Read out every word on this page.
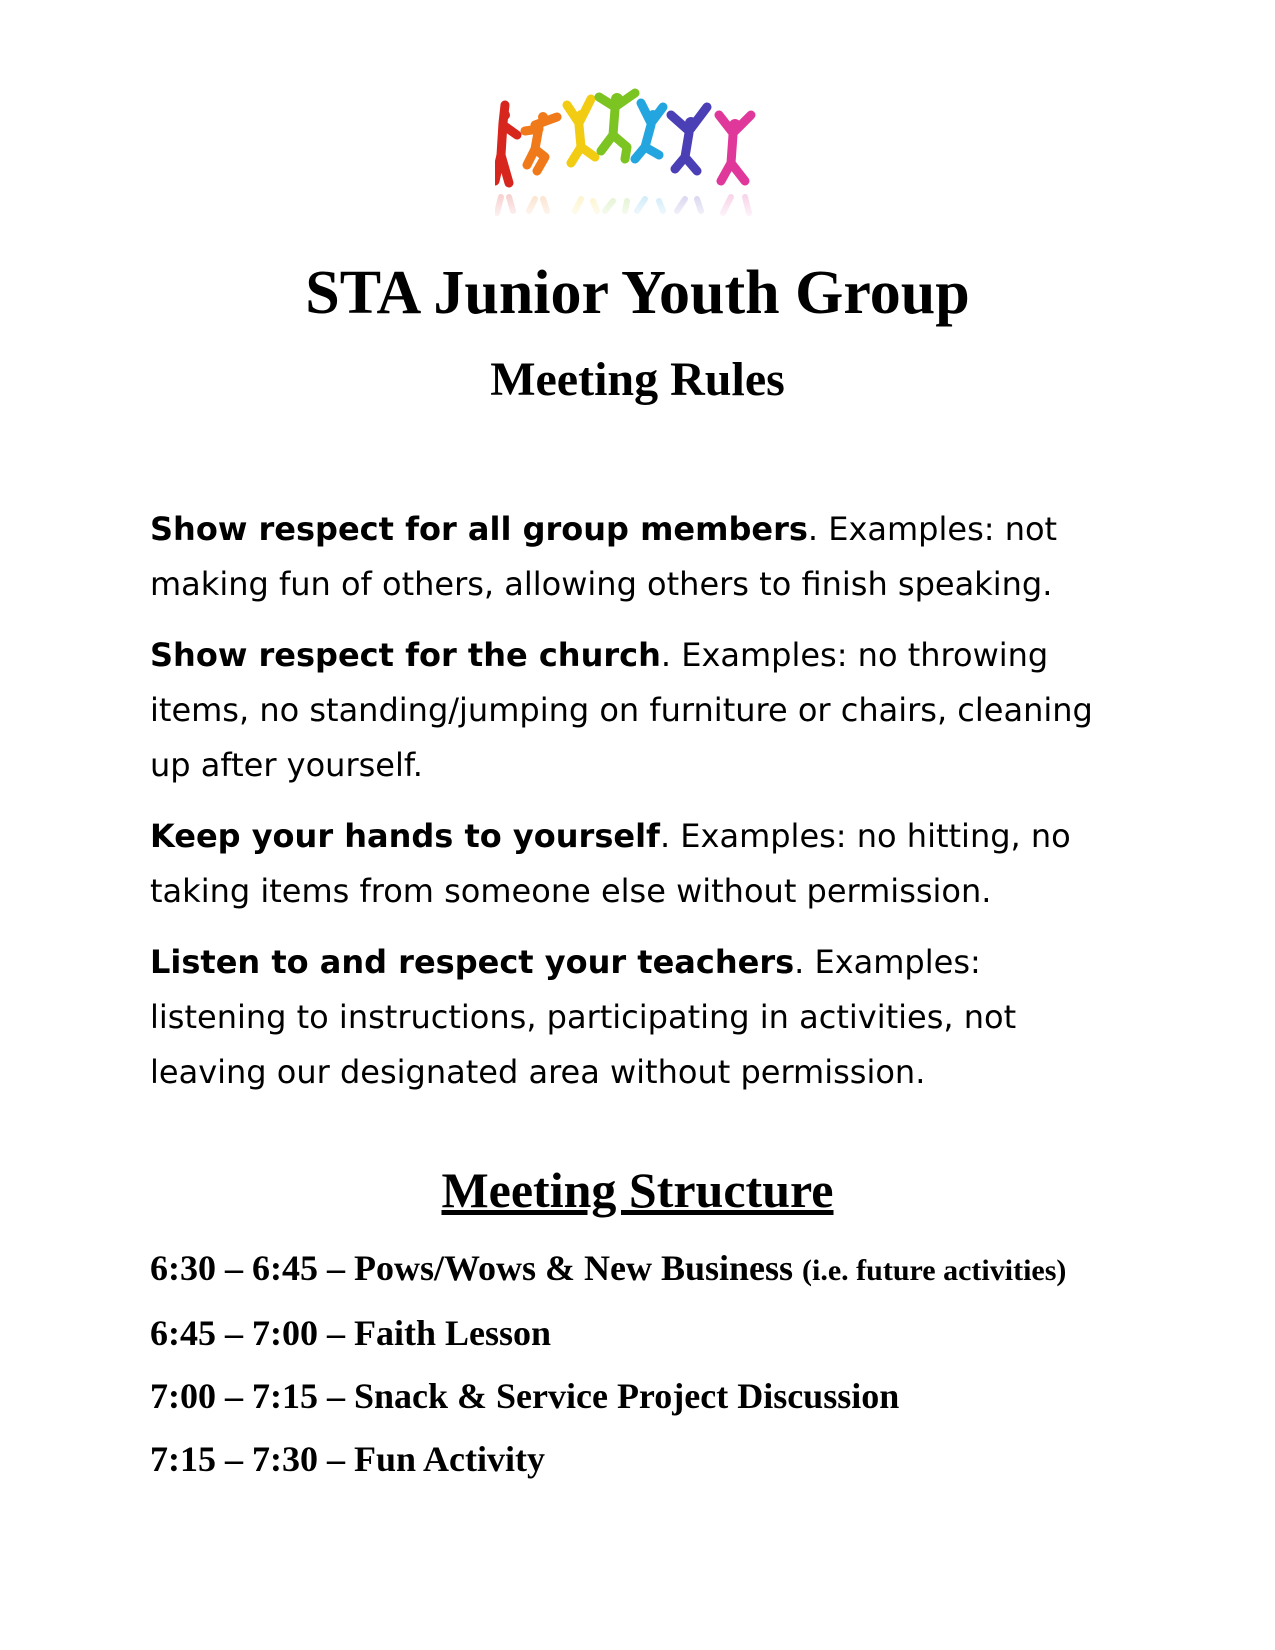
STA Junior Youth Group
Meeting Rules

Show respect for all group members. Examples: not making fun of others, allowing others to finish speaking.

Show respect for the church. Examples: no throwing items, no standing/jumping on furniture or chairs, cleaning up after yourself.

Keep your hands to yourself. Examples: no hitting, no taking items from someone else without permission.

Listen to and respect your teachers. Examples: listening to instructions, participating in activities, not leaving our designated area without permission.

Meeting Structure

6:30 – 6:45 – Pows/Wows & New Business (i.e. future activities)

6:45 – 7:00 – Faith Lesson

7:00 – 7:15 – Snack & Service Project Discussion

7:15 – 7:30 – Fun Activity
